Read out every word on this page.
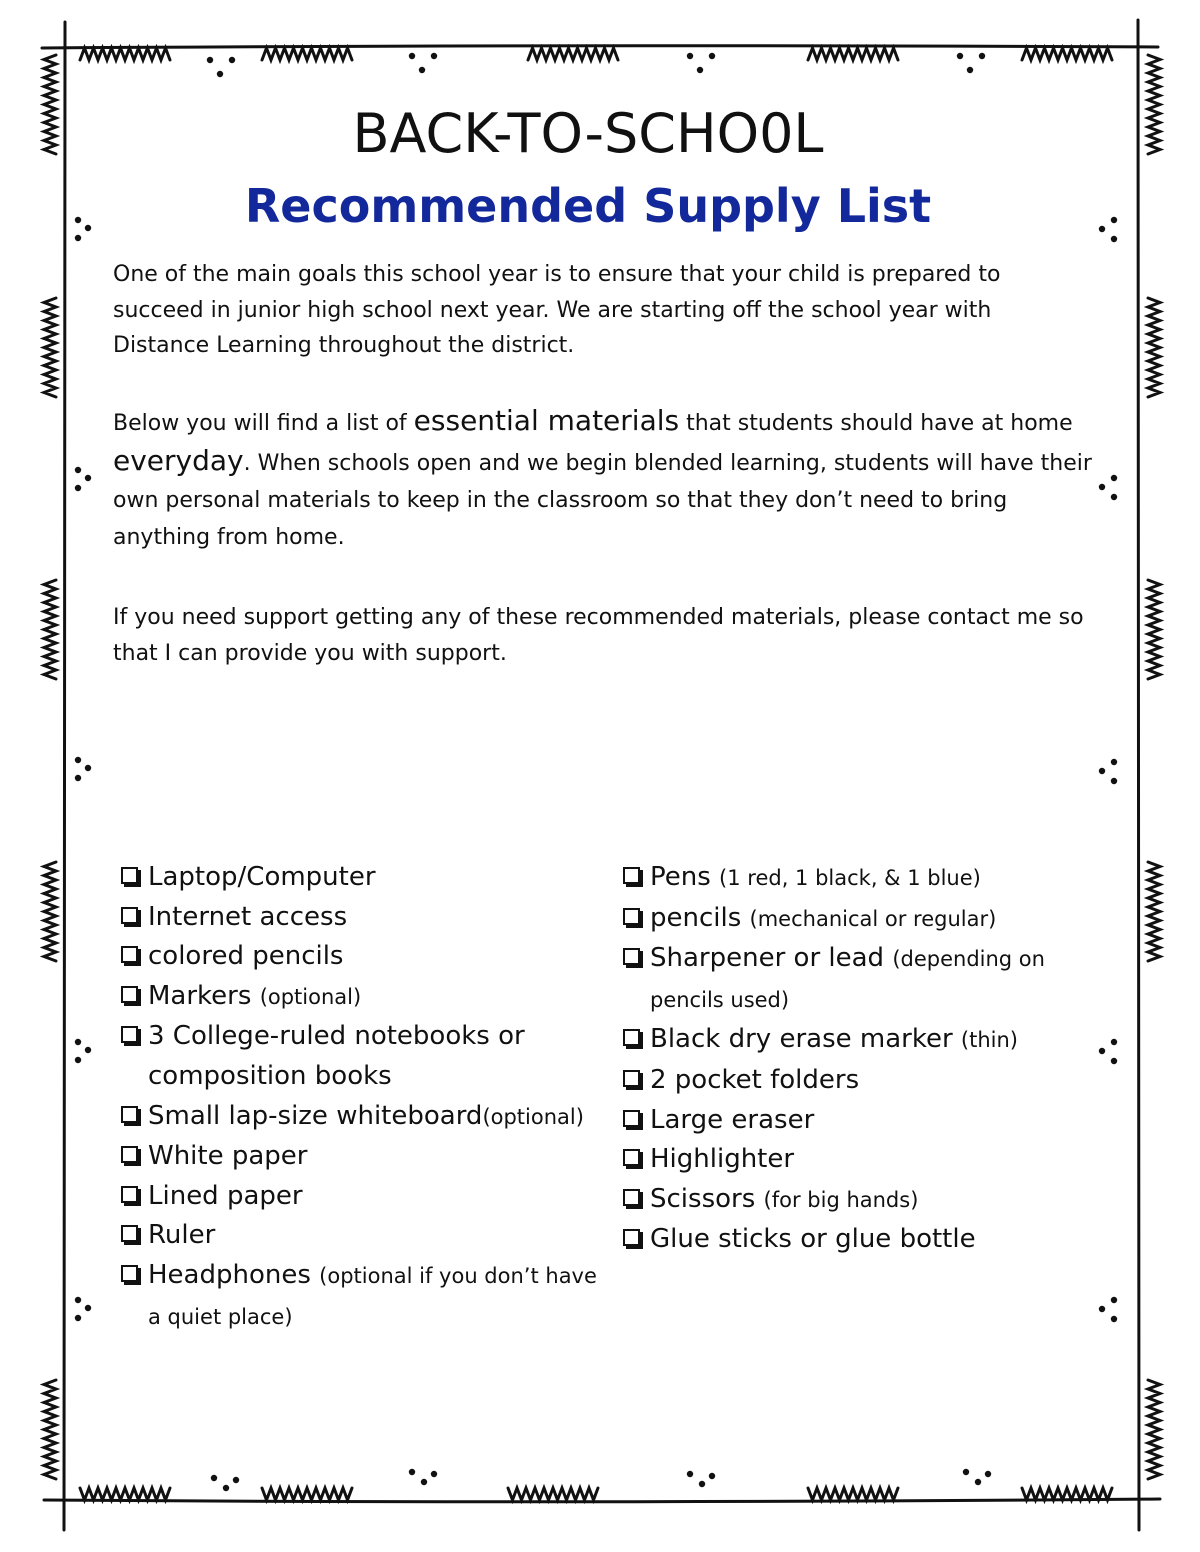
BACK-TO-SCHO0L
Recommended Supply List

One of the main goals this school year is to ensure that your child is prepared to succeed in junior high school next year. We are starting off the school year with Distance Learning throughout the district.

Below you will find a list of essential materials that students should have at home everyday. When schools open and we begin blended learning, students will have their own personal materials to keep in the classroom so that they don’t need to bring anything from home.

If you need support getting any of these recommended materials, please contact me so that I can provide you with support.

Laptop/Computer
Internet access
colored pencils
Markers (optional)
3 College-ruled notebooks or composition books
Small lap-size whiteboard(optional)
White paper
Lined paper
Ruler
Headphones (optional if you don’t have a quiet place)
Pens (1 red, 1 black, & 1 blue)
pencils (mechanical or regular)
Sharpener or lead (depending on pencils used)
Black dry erase marker (thin)
2 pocket folders
Large eraser
Highlighter
Scissors (for big hands)
Glue sticks or glue bottle
